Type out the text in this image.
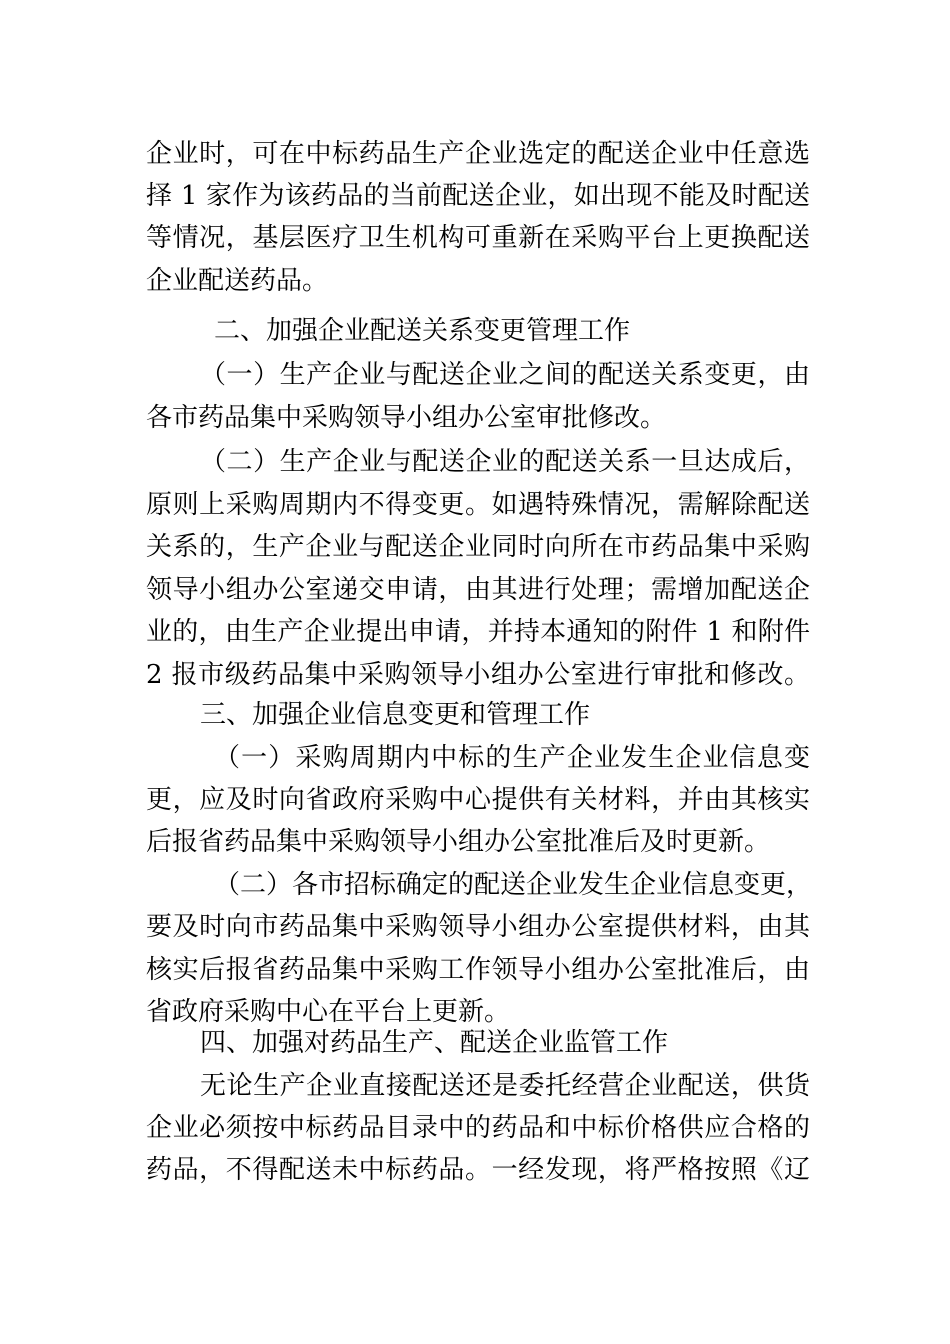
企业时，可在中标药品生产企业选定的配送企业中任意选
择 1 家作为该药品的当前配送企业，如出现不能及时配送
等情况，基层医疗卫生机构可重新在采购平台上更换配送
企业配送药品。
二、加强企业配送关系变更管理工作
（一）生产企业与配送企业之间的配送关系变更，由
各市药品集中采购领导小组办公室审批修改。
（二）生产企业与配送企业的配送关系一旦达成后，
原则上采购周期内不得变更。如遇特殊情况，需解除配送
关系的，生产企业与配送企业同时向所在市药品集中采购
领导小组办公室递交申请，由其进行处理；需增加配送企
业的，由生产企业提出申请，并持本通知的附件 1 和附件
2 报市级药品集中采购领导小组办公室进行审批和修改。
三、加强企业信息变更和管理工作
（一）采购周期内中标的生产企业发生企业信息变
更，应及时向省政府采购中心提供有关材料，并由其核实
后报省药品集中采购领导小组办公室批准后及时更新。
（二）各市招标确定的配送企业发生企业信息变更，
要及时向市药品集中采购领导小组办公室提供材料，由其
核实后报省药品集中采购工作领导小组办公室批准后，由
省政府采购中心在平台上更新。
四、加强对药品生产、配送企业监管工作
无论生产企业直接配送还是委托经营企业配送，供货
企业必须按中标药品目录中的药品和中标价格供应合格的
药品，不得配送未中标药品。一经发现，将严格按照《辽
